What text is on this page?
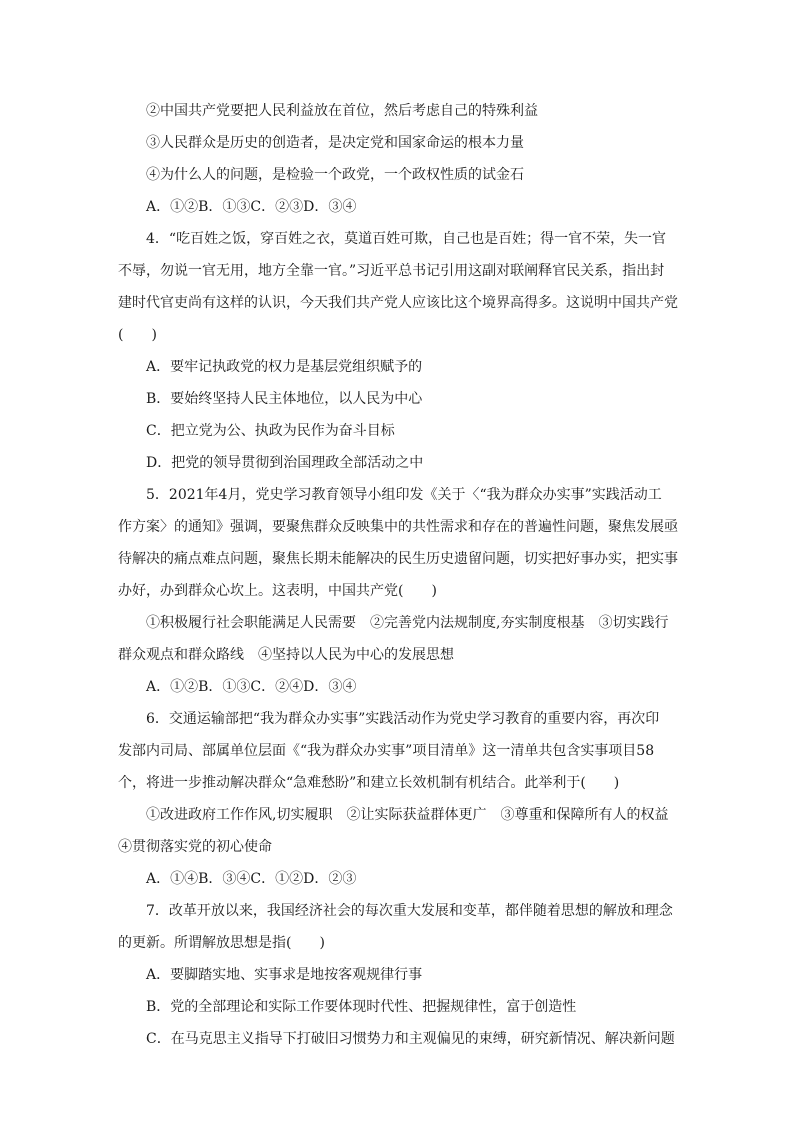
②中国共产党要把人民利益放在首位，然后考虑自己的特殊利益

③人民群众是历史的创造者，是决定党和国家命运的根本力量

④为什么人的问题，是检验一个政党，一个政权性质的试金石

A．①②B．①③C．②③D．③④

4．“吃百姓之饭，穿百姓之衣，莫道百姓可欺，自己也是百姓；得一官不荣，失一官

不辱，勿说一官无用，地方全靠一官。”习近平总书记引用这副对联阐释官民关系，指出封

建时代官吏尚有这样的认识，今天我们共产党人应该比这个境界高得多。这说明中国共产党

(　　)

A．要牢记执政党的权力是基层党组织赋予的

B．要始终坚持人民主体地位，以人民为中心

C．把立党为公、执政为民作为奋斗目标

D．把党的领导贯彻到治国理政全部活动之中

5．2021年4月，党史学习教育领导小组印发《关于〈“我为群众办实事”实践活动工

作方案〉的通知》强调，要聚焦群众反映集中的共性需求和存在的普遍性问题，聚焦发展亟

待解决的痛点难点问题，聚焦长期未能解决的民生历史遗留问题，切实把好事办实，把实事

办好，办到群众心坎上。这表明，中国共产党(　　)

①积极履行社会职能满足人民需要　②完善党内法规制度,夯实制度根基　③切实践行

群众观点和群众路线　④坚持以人民为中心的发展思想

A．①②B．①③C．②④D．③④

6．交通运输部把“我为群众办实事”实践活动作为党史学习教育的重要内容，再次印

发部内司局、部属单位层面《“我为群众办实事”项目清单》这一清单共包含实事项目58

个，将进一步推动解决群众“急难愁盼”和建立长效机制有机结合。此举利于(　　)

①改进政府工作作风,切实履职　②让实际获益群体更广　③尊重和保障所有人的权益

④贯彻落实党的初心使命

A．①④B．③④C．①②D．②③

7．改革开放以来，我国经济社会的每次重大发展和变革，都伴随着思想的解放和理念

的更新。所谓解放思想是指(　　)

A．要脚踏实地、实事求是地按客观规律行事

B．党的全部理论和实际工作要体现时代性、把握规律性，富于创造性

C．在马克思主义指导下打破旧习惯势力和主观偏见的束缚，研究新情况、解决新问题
